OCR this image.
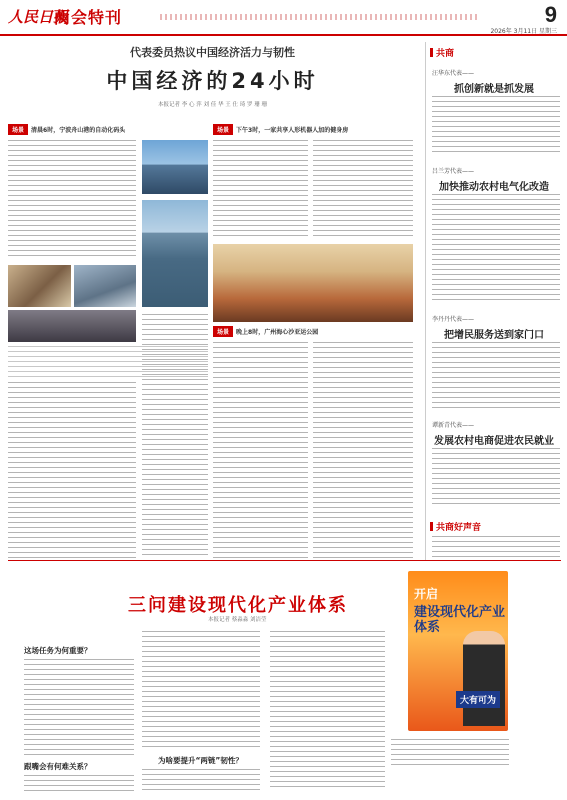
人民日报
两会特刊	9
2026年 3月11日 星期三
代表委员热议中国经济活力与韧性
中国经济的24小时
本报记者 李 心 萍 刘 佳 华 王 仕 琦 罗 珊 珊
场景 清晨6时，宁波舟山港的自动化码头	场景 下午3时，一家共享人形机器人加的健身房
场景 晚上8时，广州海心沙亚运公园
共商
汪华东代表——
抓创新就是抓发展
吕兰芳代表——
加快推动农村电气化改造
李丹丹代表——
把增民服务送到家门口
谭新青代表——
发展农村电商促进农民就业
共商好声音
三问建设现代化产业体系
本报记者 蔡淼淼 刘洁莹
这场任务为何重要？
跟嘴会有何难关系？
为啥要提升“两链”韧性？
开启
建设现代化产业体系
大有可为
